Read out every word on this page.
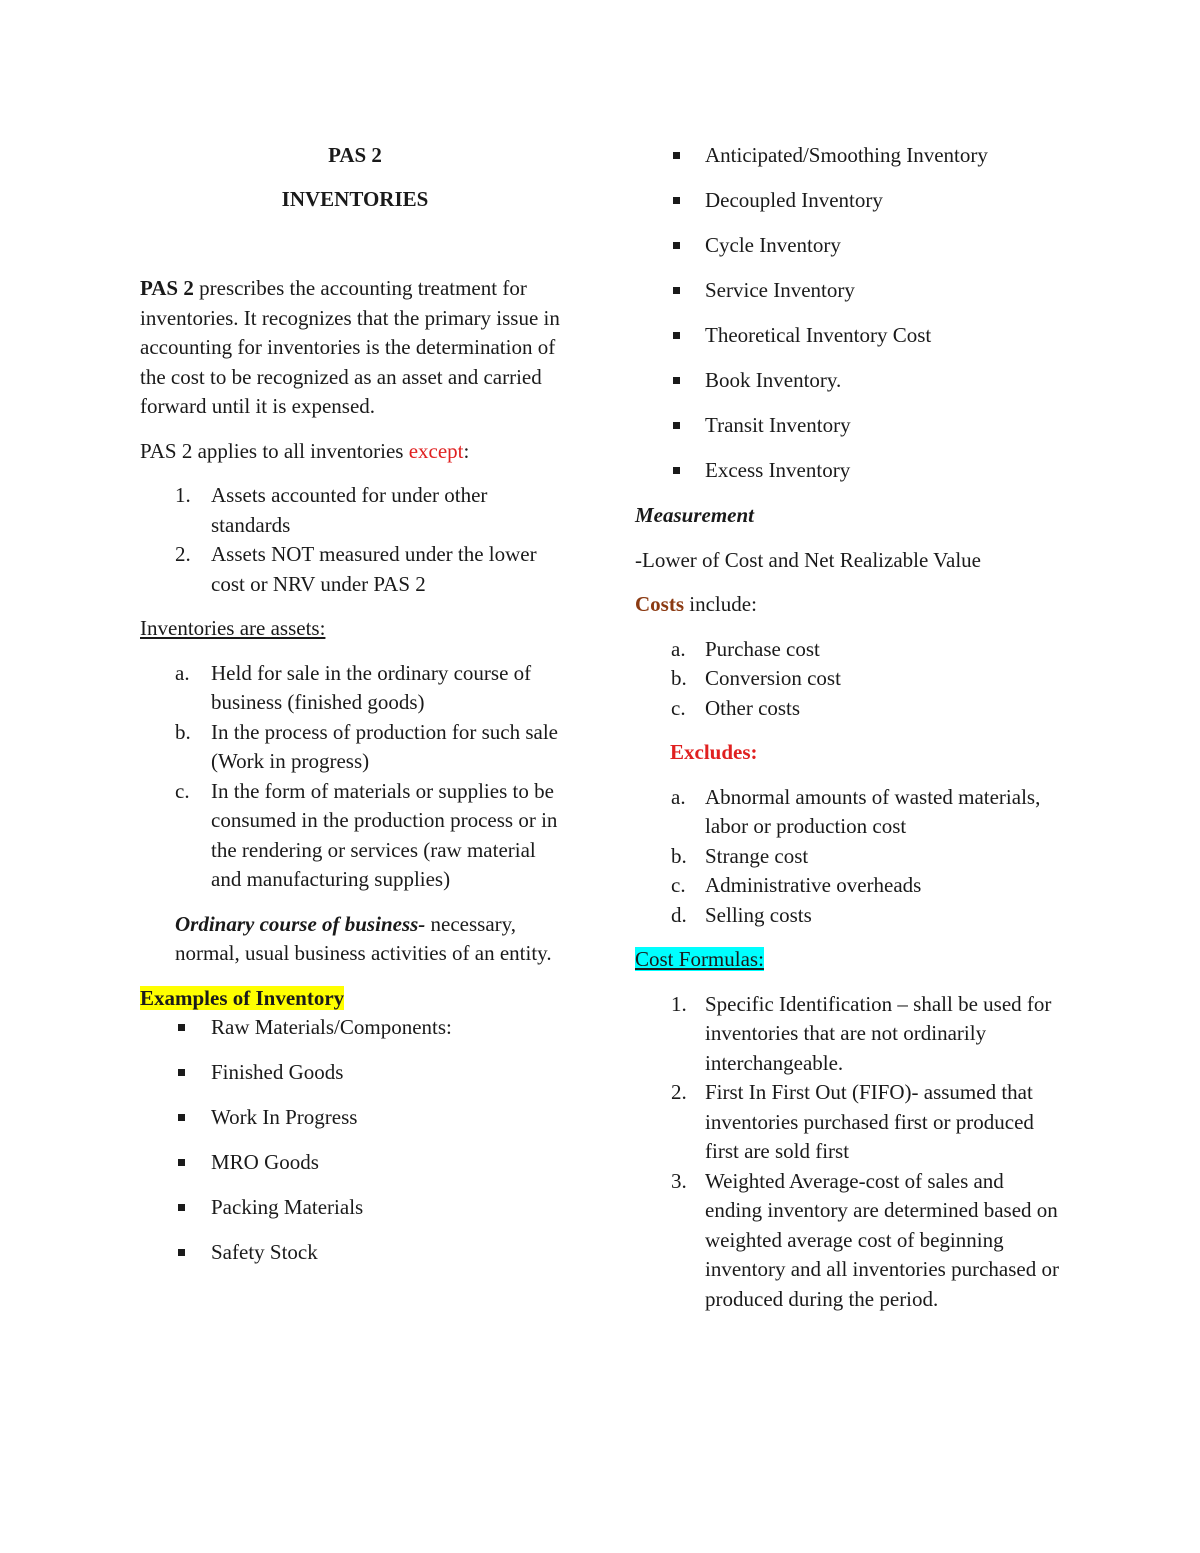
PAS 2

INVENTORIES

PAS 2 prescribes the accounting treatment for inventories. It recognizes that the primary issue in accounting for inventories is the determination of the cost to be recognized as an asset and carried forward until it is expensed.

PAS 2 applies to all inventories except:

1. Assets accounted for under other standards
2. Assets NOT measured under the lower cost or NRV under PAS 2

Inventories are assets:

a. Held for sale in the ordinary course of business (finished goods)
b. In the process of production for such sale (Work in progress)
c. In the form of materials or supplies to be consumed in the production process or in the rendering or services (raw material and manufacturing supplies)

Ordinary course of business- necessary, normal, usual business activities of an entity.

Examples of Inventory

Raw Materials/Components:
Finished Goods
Work In Progress
MRO Goods
Packing Materials
Safety Stock
Anticipated/Smoothing Inventory
Decoupled Inventory
Cycle Inventory
Service Inventory
Theoretical Inventory Cost
Book Inventory.
Transit Inventory
Excess Inventory

Measurement

-Lower of Cost and Net Realizable Value

Costs include:

a. Purchase cost
b. Conversion cost
c. Other costs

Excludes:

a. Abnormal amounts of wasted materials, labor or production cost
b. Strange cost
c. Administrative overheads
d. Selling costs

Cost Formulas:

1. Specific Identification – shall be used for inventories that are not ordinarily interchangeable.
2. First In First Out (FIFO)- assumed that inventories purchased first or produced first are sold first
3. Weighted Average-cost of sales and ending inventory are determined based on weighted average cost of beginning inventory and all inventories purchased or produced during the period.
